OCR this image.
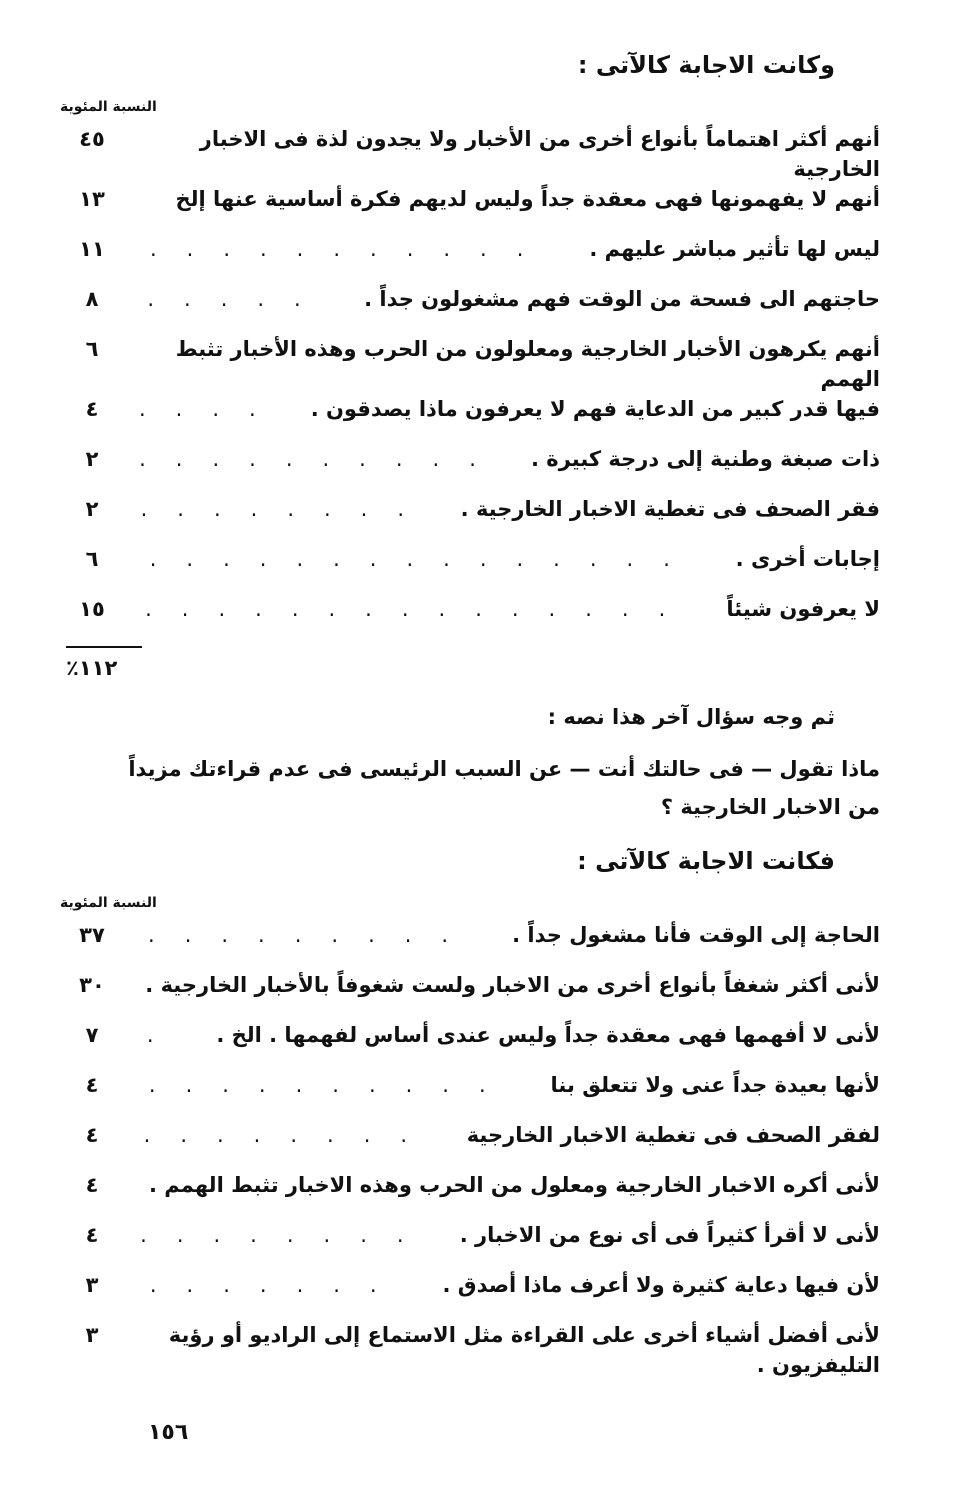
وكانت الاجابة كالآتى :
النسبة المئوية
أنهم أكثر اهتماماً بأنواع أخرى من الأخبار ولا يجدون لذة فى الاخبار الخارجية
٤٥
أنهم لا يفهمونها فهى معقدة جداً وليس لديهم فكرة أساسية عنها إلخ
١٣
ليس لها تأثير مباشر عليهم .
...........
١١
حاجتهم الى فسحة من الوقت فهم مشغولون جداً .
.....
٨
أنهم يكرهون الأخبار الخارجية ومعلولون من الحرب وهذه الأخبار تثبط الهمم
٦
فيها قدر كبير من الدعاية فهم لا يعرفون ماذا يصدقون .
....
٤
ذات صبغة وطنية إلى درجة كبيرة .
..........
٢
فقر الصحف فى تغطية الاخبار الخارجية .
........
٢
إجابات أخرى .
...............
٦
لا يعرفون شيئاً
...............
١٥
٪١١٢
ثم وجه سؤال آخر هذا نصه :
ماذا تقول — فى حالتك أنت — عن السبب الرئيسى فى عدم قراءتك مزيداً
من الاخبار الخارجية ؟
فكانت الاجابة كالآتى :
النسبة المئوية
الحاجة إلى الوقت فأنا مشغول جداً .
.........
٣٧
لأنى أكثر شغفاً بأنواع أخرى من الاخبار ولست شغوفاً بالأخبار الخارجية .
٣٠
لأنى لا أفهمها فهى معقدة جداً وليس عندى أساس لفهمها . الخ .
.
٧
لأنها بعيدة جداً عنى ولا تتعلق بنا
..........
٤
لفقر الصحف فى تغطية الاخبار الخارجية
........
٤
لأنى أكره الاخبار الخارجية ومعلول من الحرب وهذه الاخبار تثبط الهمم .
٤
لأنى لا أقرأ كثيراً فى أى نوع من الاخبار .
........
٤
لأن فيها دعاية كثيرة ولا أعرف ماذا أصدق .
.......
٣
لأنى أفضل أشياء أخرى على القراءة مثل الاستماع إلى الراديو أو رؤية التليفزيون .
٣
١٥٦
